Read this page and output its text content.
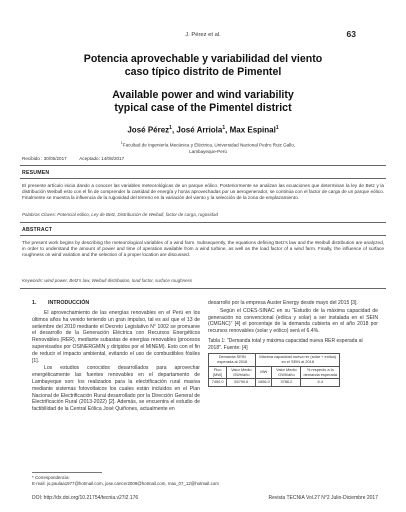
J. Pérez et al.	63
Potencia aprovechable y variabilidad del viento
caso típico distrito de Pimentel
Available power and wind variability
typical case of the Pimentel district
José Pérez$^1$, José Arriola$^1$, Max Espinal$^1$
$^1$Facultad de Ingeniería Mecánica y Eléctrica, Universidad Nacional Pedro Ruiz Gallo,
Lambayeque-Perú
Recibido : 30/05/2017          Aceptado: 14/08/2017
RESUMEN
El presente artículo inicia dando a conocer las variables meteorológicas de un parque eólico. Posteriormente se analizan las ecuaciones que determinan la ley de Betz y la distribución Weibull esto con el fin de comprender la cantidad de energía y horas aprovechadas por un aerogenerador, se continúa con el factor de carga de un parque eólico. Finalmente se muestra la influencia de la rugosidad del terreno en la variación del viento y la selección de la zona de emplazamiento.
Palabras Claves: Potencial eólico, Ley de Betz, Distribución de Weibull, factor de carga, rugosidad
ABSTRACT
The present work begins by describing the meteorological variables of a wind farm. Subsequently, the equations defining Betz's law and the Weibull distribution are analyzed, in order to understand the amount of power and time of operation available from a wind turbine, as well as the load factor of a wind farm. Finally, the influence of surface roughness on wind variation and the selection of a proper location are discussed.
Keywords: wind power, Betz's law, Weibull distribution, load factor, surface roughness
1. INTRODUCCIÓN

El aprovechamiento de las energías renovables en el Perú en los últimos años ha venido teniendo un gran impulso, tal es así que el 13 de setiembre del 2010 mediante el Decreto Legislativo N° 1002 se promueve el desarrollo de la Generación Eléctrica con Recursos Energéticos Renovables (RER), mediante subastas de energías renovables (procesos supervisados por OSINERGMIN y dirigidos por el MINEM). Esto con el fin de reducir el impacto ambiental, evitando el uso de combustibles fósiles [1].

Los estudios conocidos desarrollados para aprovechar energéticamente las fuentes renovables en el departamento de Lambayeque son: los realizados para la electrificación rural masiva mediante sistemas fotovoltaicos los cuales están incluidos en el Plan Nacional de Electrificación Rural desarrollado por la Dirección General de Electrificación Rural (2013-2022) [2]. Además, se encuentra el estudio de factibilidad de la Central Eólica José Quiñones, actualmente en

desarrollo por la empresa Auster Energy desde mayo del 2015 [3].

Según el COES-SINAC en su "Estudio de la máxima capacidad de generación no convencional (eólica y solar) a ser instalada en el SEIN (CMGNC)" [4] el porcentaje de la demanda cubierta en el año 2018 por recursos renovables (solar y eólico) será el 6.4%.

Tabla 1: "Demanda total y máxima capacidad nueva RER esperada al 2018". Fuente: [4]
Demanda SEIN esperada al 2018		Máxima capacidad nueva rer (solar + eólica) en el SEIN al 2018		
Pico [MW]	Valor Medio GWh/año	MW	Valor Medio GWh/año	% respecto a la demanda esperada
7450.0	55790.6	1656.0	3786.2	6.4
* Correspondencia:
E-mail: jo.paulaa1977@hotmail.com, jose.cancer2008@hotmail.com, max_07_12@hotmail.com
DOI: http://dx.doi.org/10.21754/tecnia.v27i2.176	Revista TECNIA Vol.27 N°2 Julio-Diciembre 2017
